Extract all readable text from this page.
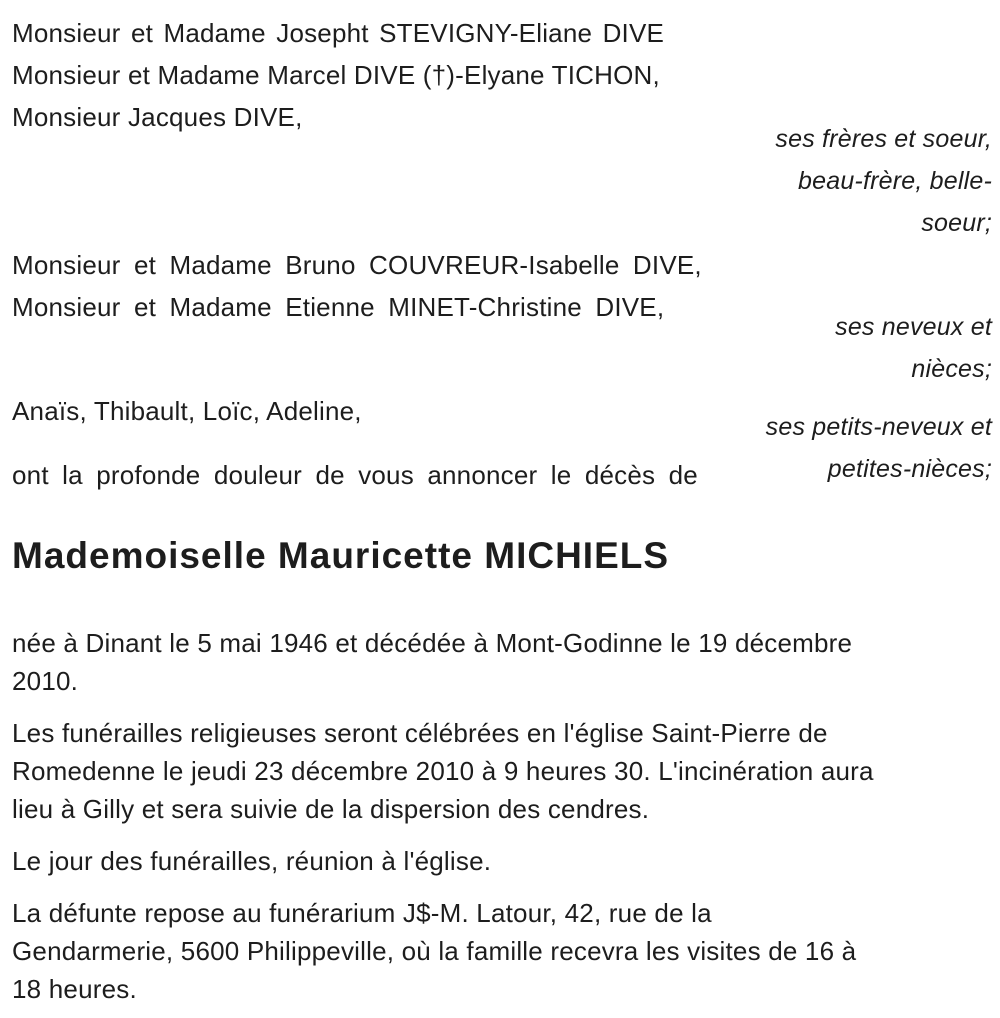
Monsieur et Madame Josepht STEVIGNY-Eliane DIVE
Monsieur et Madame Marcel DIVE (†)-Elyane TICHON,
Monsieur Jacques DIVE,
ses frères et soeur,
beau-frère, belle-
soeur;
Monsieur et Madame Bruno COUVREUR-Isabelle DIVE,
Monsieur et Madame Etienne MINET-Christine DIVE,
ses neveux et
nièces;
Anaïs, Thibault, Loïc, Adeline,
ses petits-neveux et
petites-nièces;
ont la profonde douleur de vous annoncer le décès de
Mademoiselle Mauricette MICHIELS
née à Dinant le 5 mai 1946 et décédée à Mont-Godinne le 19 décembre
2010.
Les funérailles religieuses seront célébrées en l'église Saint-Pierre de
Romedenne le jeudi 23 décembre 2010 à 9 heures 30. L'incinération aura
lieu à Gilly et sera suivie de la dispersion des cendres.
Le jour des funérailles, réunion à l'église.
La défunte repose au funérarium J$-M. Latour, 42, rue de la
Gendarmerie, 5600 Philippeville, où la famille recevra les visites de 16 à
18 heures.
